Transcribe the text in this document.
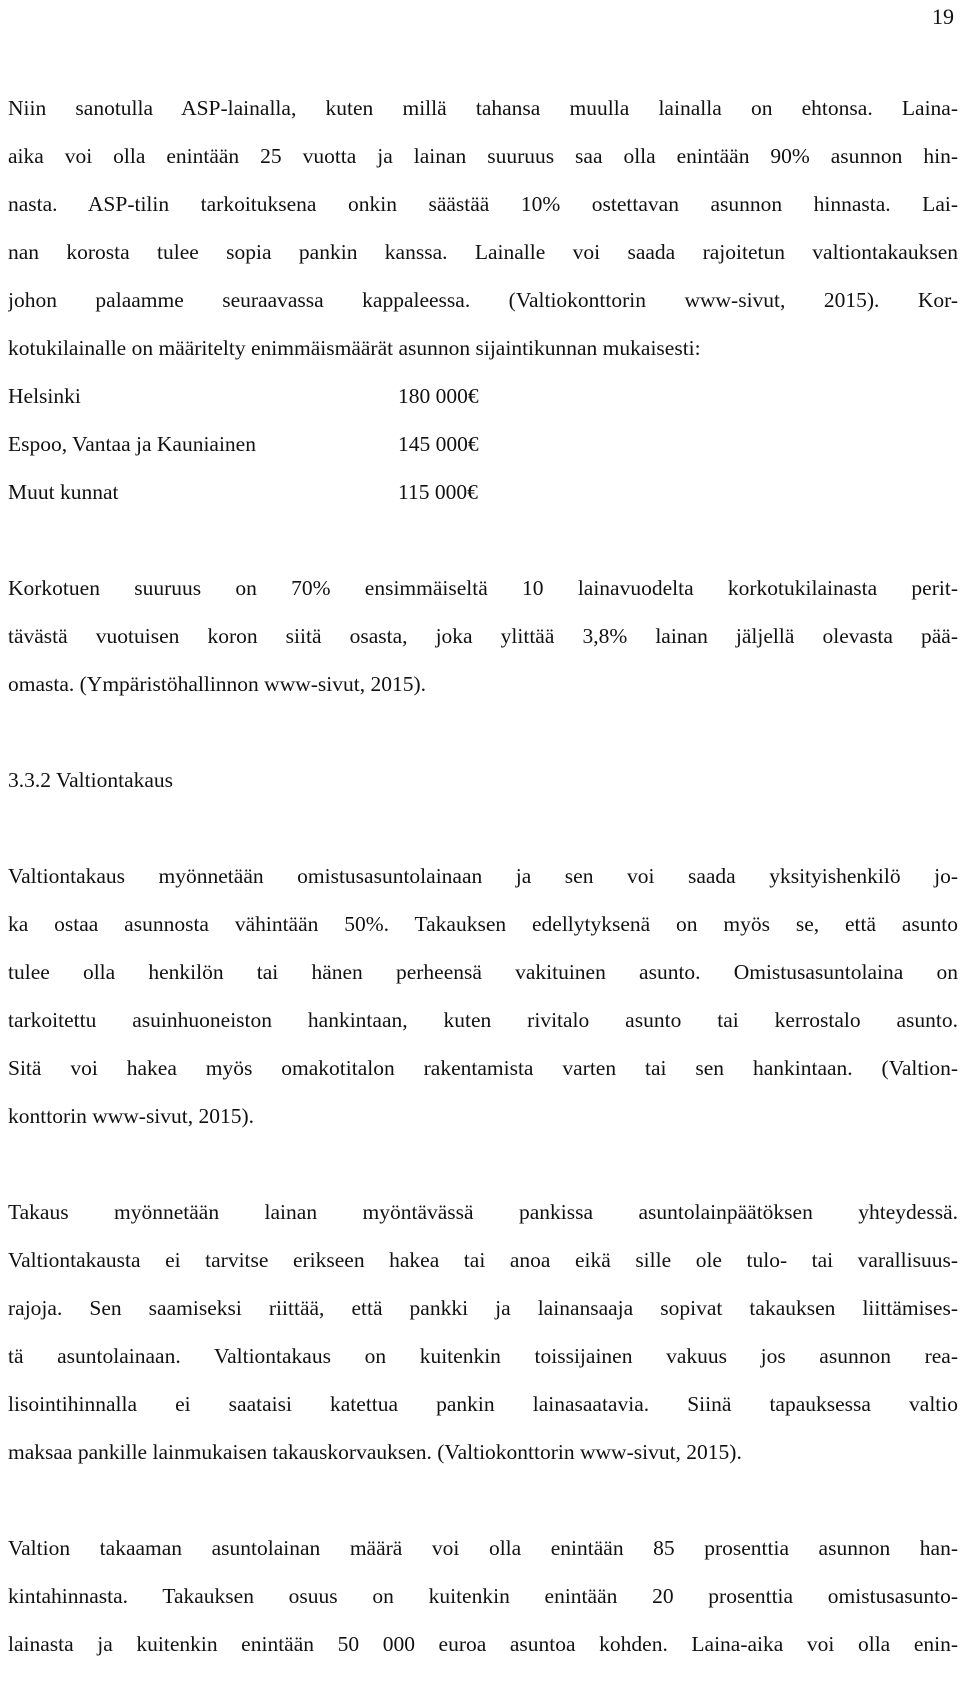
19
Niin sanotulla ASP-lainalla, kuten millä tahansa muulla lainalla on ehtonsa. Laina-
aika voi olla enintään 25 vuotta ja lainan suuruus saa olla enintään 90% asunnon hin-
nasta. ASP-tilin tarkoituksena onkin säästää 10% ostettavan asunnon hinnasta. Lai-
nan korosta tulee sopia pankin kanssa. Lainalle voi saada rajoitetun valtiontakauksen
johon palaamme seuraavassa kappaleessa. (Valtiokonttorin www-sivut, 2015). Kor-
kotukilainalle on määritelty enimmäismäärät asunnon sijaintikunnan mukaisesti:
Helsinki	180 000€
Espoo, Vantaa ja Kauniainen	145 000€
Muut kunnat	115 000€
Korkotuen suuruus on 70% ensimmäiseltä 10 lainavuodelta korkotukilainasta perit-
tävästä vuotuisen koron siitä osasta, joka ylittää 3,8% lainan jäljellä olevasta pää-
omasta. (Ympäristöhallinnon www-sivut, 2015).
3.3.2 Valtiontakaus
Valtiontakaus myönnetään omistusasuntolainaan ja sen voi saada yksityishenkilö jo-
ka ostaa asunnosta vähintään 50%. Takauksen edellytyksenä on myös se, että asunto
tulee olla henkilön tai hänen perheensä vakituinen asunto. Omistusasuntolaina on
tarkoitettu asuinhuoneiston hankintaan, kuten rivitalo asunto tai kerrostalo asunto.
Sitä voi hakea myös omakotitalon rakentamista varten tai sen hankintaan. (Valtion-
konttorin www-sivut, 2015).
Takaus myönnetään lainan myöntävässä pankissa asuntolainpäätöksen yhteydessä.
Valtiontakausta ei tarvitse erikseen hakea tai anoa eikä sille ole tulo- tai varallisuus-
rajoja. Sen saamiseksi riittää, että pankki ja lainansaaja sopivat takauksen liittämises-
tä asuntolainaan. Valtiontakaus on kuitenkin toissijainen vakuus jos asunnon rea-
lisointihinnalla ei saataisi katettua pankin lainasaatavia. Siinä tapauksessa valtio
maksaa pankille lainmukaisen takauskorvauksen. (Valtiokonttorin www-sivut, 2015).
Valtion takaaman asuntolainan määrä voi olla enintään 85 prosenttia asunnon han-
kintahinnasta. Takauksen osuus on kuitenkin enintään 20 prosenttia omistusasunto-
lainasta ja kuitenkin enintään 50 000 euroa asuntoa kohden. Laina-aika voi olla enin-
